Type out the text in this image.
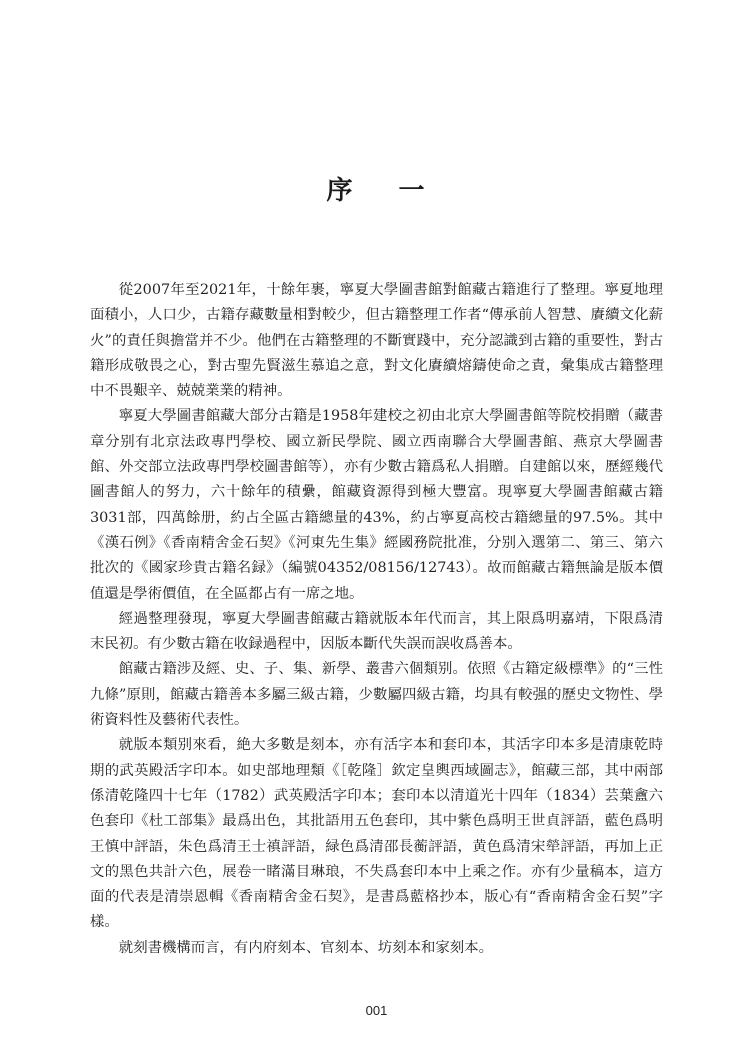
序 一

從2007年至2021年，十餘年裹，寧夏大學圖書館對館藏古籍進行了整理。寧夏地理面積小，人口少，古籍存藏數量相對較少，但古籍整理工作者“傳承前人智慧、賡續文化薪火”的責任與擔當并不少。他們在古籍整理的不斷實踐中，充分認識到古籍的重要性，對古籍形成敬畏之心，對古聖先賢滋生慕追之意，對文化賡續熔鑄使命之責，彙集成古籍整理中不畏艱辛、兢兢業業的精神。

寧夏大學圖書館藏大部分古籍是1958年建校之初由北京大學圖書館等院校捐贈（藏書章分别有北京法政專門學校、國立新民學院、國立西南聯合大學圖書館、燕京大學圖書館、外交部立法政專門學校圖書館等），亦有少數古籍爲私人捐贈。自建館以來，歷經幾代圖書館人的努力，六十餘年的積纍，館藏資源得到極大豐富。現寧夏大學圖書館藏古籍3031部，四萬餘册，約占全區古籍總量的43%，約占寧夏高校古籍總量的97.5%。其中《漢石例》《香南精舍金石契》《河東先生集》經國務院批准，分别入選第二、第三、第六批次的《國家珍貴古籍名録》（編號04352/08156/12743）。故而館藏古籍無論是版本價值還是學術價值，在全區都占有一席之地。

經過整理發現，寧夏大學圖書館藏古籍就版本年代而言，其上限爲明嘉靖，下限爲清末民初。有少數古籍在收録過程中，因版本斷代失誤而誤收爲善本。

館藏古籍涉及經、史、子、集、新學、叢書六個類别。依照《古籍定級標準》的“三性九條”原則，館藏古籍善本多屬三級古籍，少數屬四級古籍，均具有較强的歷史文物性、學術資料性及藝術代表性。

就版本類别來看，絶大多數是刻本，亦有活字本和套印本，其活字印本多是清康乾時期的武英殿活字印本。如史部地理類《［乾隆］欽定皇輿西域圖志》，館藏三部，其中兩部係清乾隆四十七年（1782）武英殿活字印本；套印本以清道光十四年（1834）芸葉盦六色套印《杜工部集》最爲出色，其批語用五色套印，其中紫色爲明王世貞評語，藍色爲明王慎中評語，朱色爲清王士禛評語，緑色爲清邵長蘅評語，黄色爲清宋犖評語，再加上正文的黑色共計六色，展卷一睹滿目琳琅，不失爲套印本中上乘之作。亦有少量稿本，這方面的代表是清崇恩輯《香南精舍金石契》，是書爲藍格抄本，版心有“香南精舍金石契”字樣。

就刻書機構而言，有内府刻本、官刻本、坊刻本和家刻本。

001
